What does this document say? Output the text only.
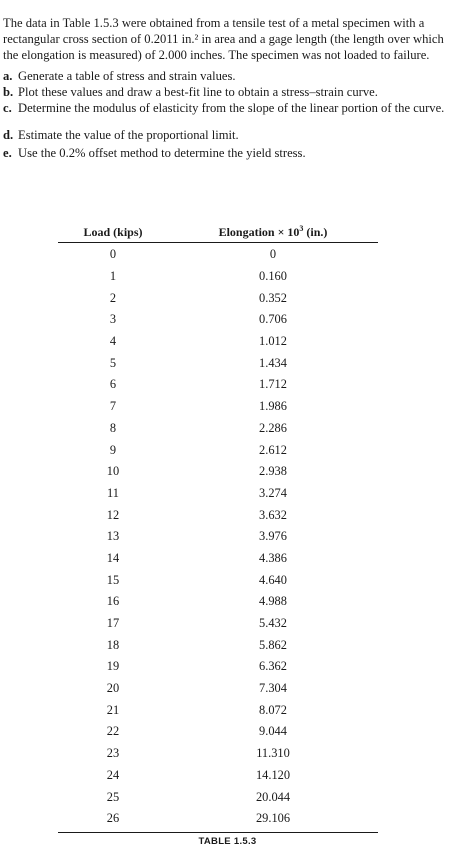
The data in Table 1.5.3 were obtained from a tensile test of a metal specimen with a rectangular cross section of 0.2011 in.² in area and a gage length (the length over which the elongation is measured) of 2.000 inches. The specimen was not loaded to failure.

a. Generate a table of stress and strain values.
b. Plot these values and draw a best-fit line to obtain a stress–strain curve.
c. Determine the modulus of elasticity from the slope of the linear portion of the curve.
d. Estimate the value of the proportional limit.
e. Use the 0.2% offset method to determine the yield stress.
Load (kips)	Elongation × $10^3$ (in.)
0	0
1	0.160
2	0.352
3	0.706
4	1.012
5	1.434
6	1.712
7	1.986
8	2.286
9	2.612
10	2.938
11	3.274
12	3.632
13	3.976
14	4.386
15	4.640
16	4.988
17	5.432
18	5.862
19	6.362
20	7.304
21	8.072
22	9.044
23	11.310
24	14.120
25	20.044
26	29.106
TABLE 1.5.3
